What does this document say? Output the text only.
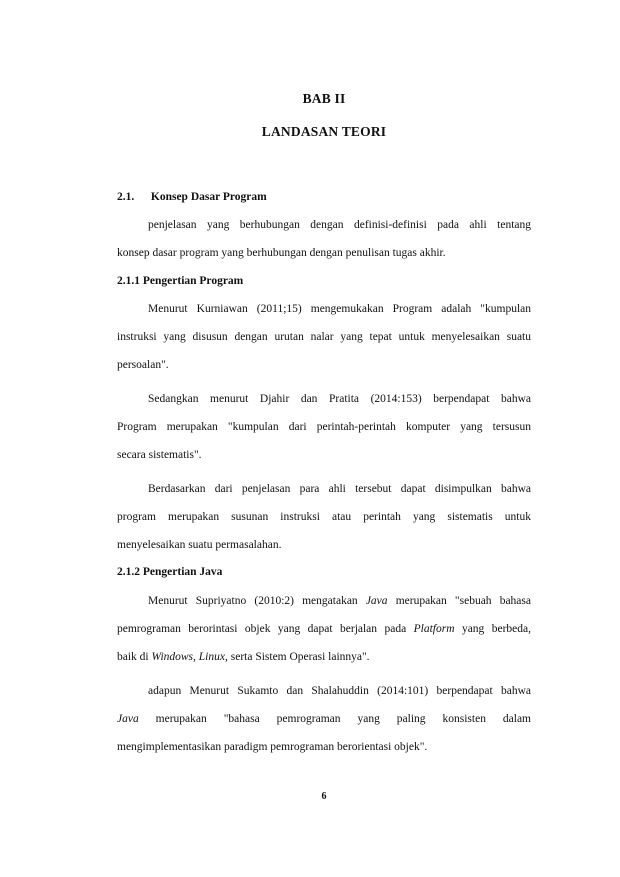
BAB II
LANDASAN TEORI
2.1. Konsep Dasar Program
penjelasan yang berhubungan dengan definisi-definisi pada ahli tentang
konsep dasar program yang berhubungan dengan penulisan tugas akhir.
2.1.1 Pengertian Program
Menurut Kurniawan (2011;15) mengemukakan Program adalah "kumpulan
instruksi yang disusun dengan urutan nalar yang tepat untuk menyelesaikan suatu
persoalan".
Sedangkan menurut Djahir dan Pratita (2014:153) berpendapat bahwa
Program merupakan "kumpulan dari perintah-perintah komputer yang tersusun
secara sistematis".
Berdasarkan dari penjelasan para ahli tersebut dapat disimpulkan bahwa
program merupakan susunan instruksi atau perintah yang sistematis untuk
menyelesaikan suatu permasalahan.
2.1.2 Pengertian Java
Menurut Supriyatno (2010:2) mengatakan Java merupakan "sebuah bahasa
pemrograman berorintasi objek yang dapat berjalan pada Platform yang berbeda,
baik di Windows, Linux, serta Sistem Operasi lainnya".
adapun Menurut Sukamto dan Shalahuddin (2014:101) berpendapat bahwa
Java merupakan "bahasa pemrograman yang paling konsisten dalam
mengimplementasikan paradigm pemrograman berorientasi objek".
6
